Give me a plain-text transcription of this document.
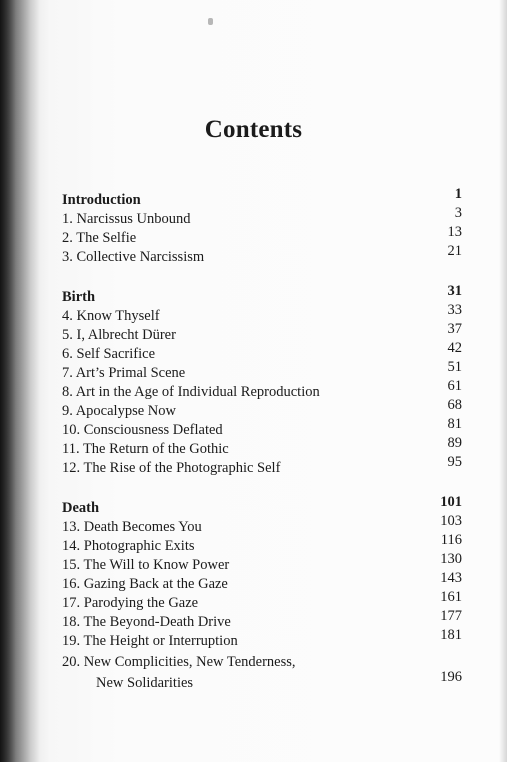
Contents
Introduction	1
1. Narcissus Unbound	3
2. The Selfie	13
3. Collective Narcissism	21
Birth	31
4. Know Thyself	33
5. I, Albrecht Dürer	37
6. Self Sacrifice	42
7. Art’s Primal Scene	51
8. Art in the Age of Individual Reproduction	61
9. Apocalypse Now	68
10. Consciousness Deflated	81
11. The Return of the Gothic	89
12. The Rise of the Photographic Self	95
Death	101
13. Death Becomes You	103
14. Photographic Exits	116
15. The Will to Know Power	130
16. Gazing Back at the Gaze	143
17. Parodying the Gaze	161
18. The Beyond-Death Drive	177
19. The Height or Interruption	181
20. New Complicities, New Tenderness,
New Solidarities	196
